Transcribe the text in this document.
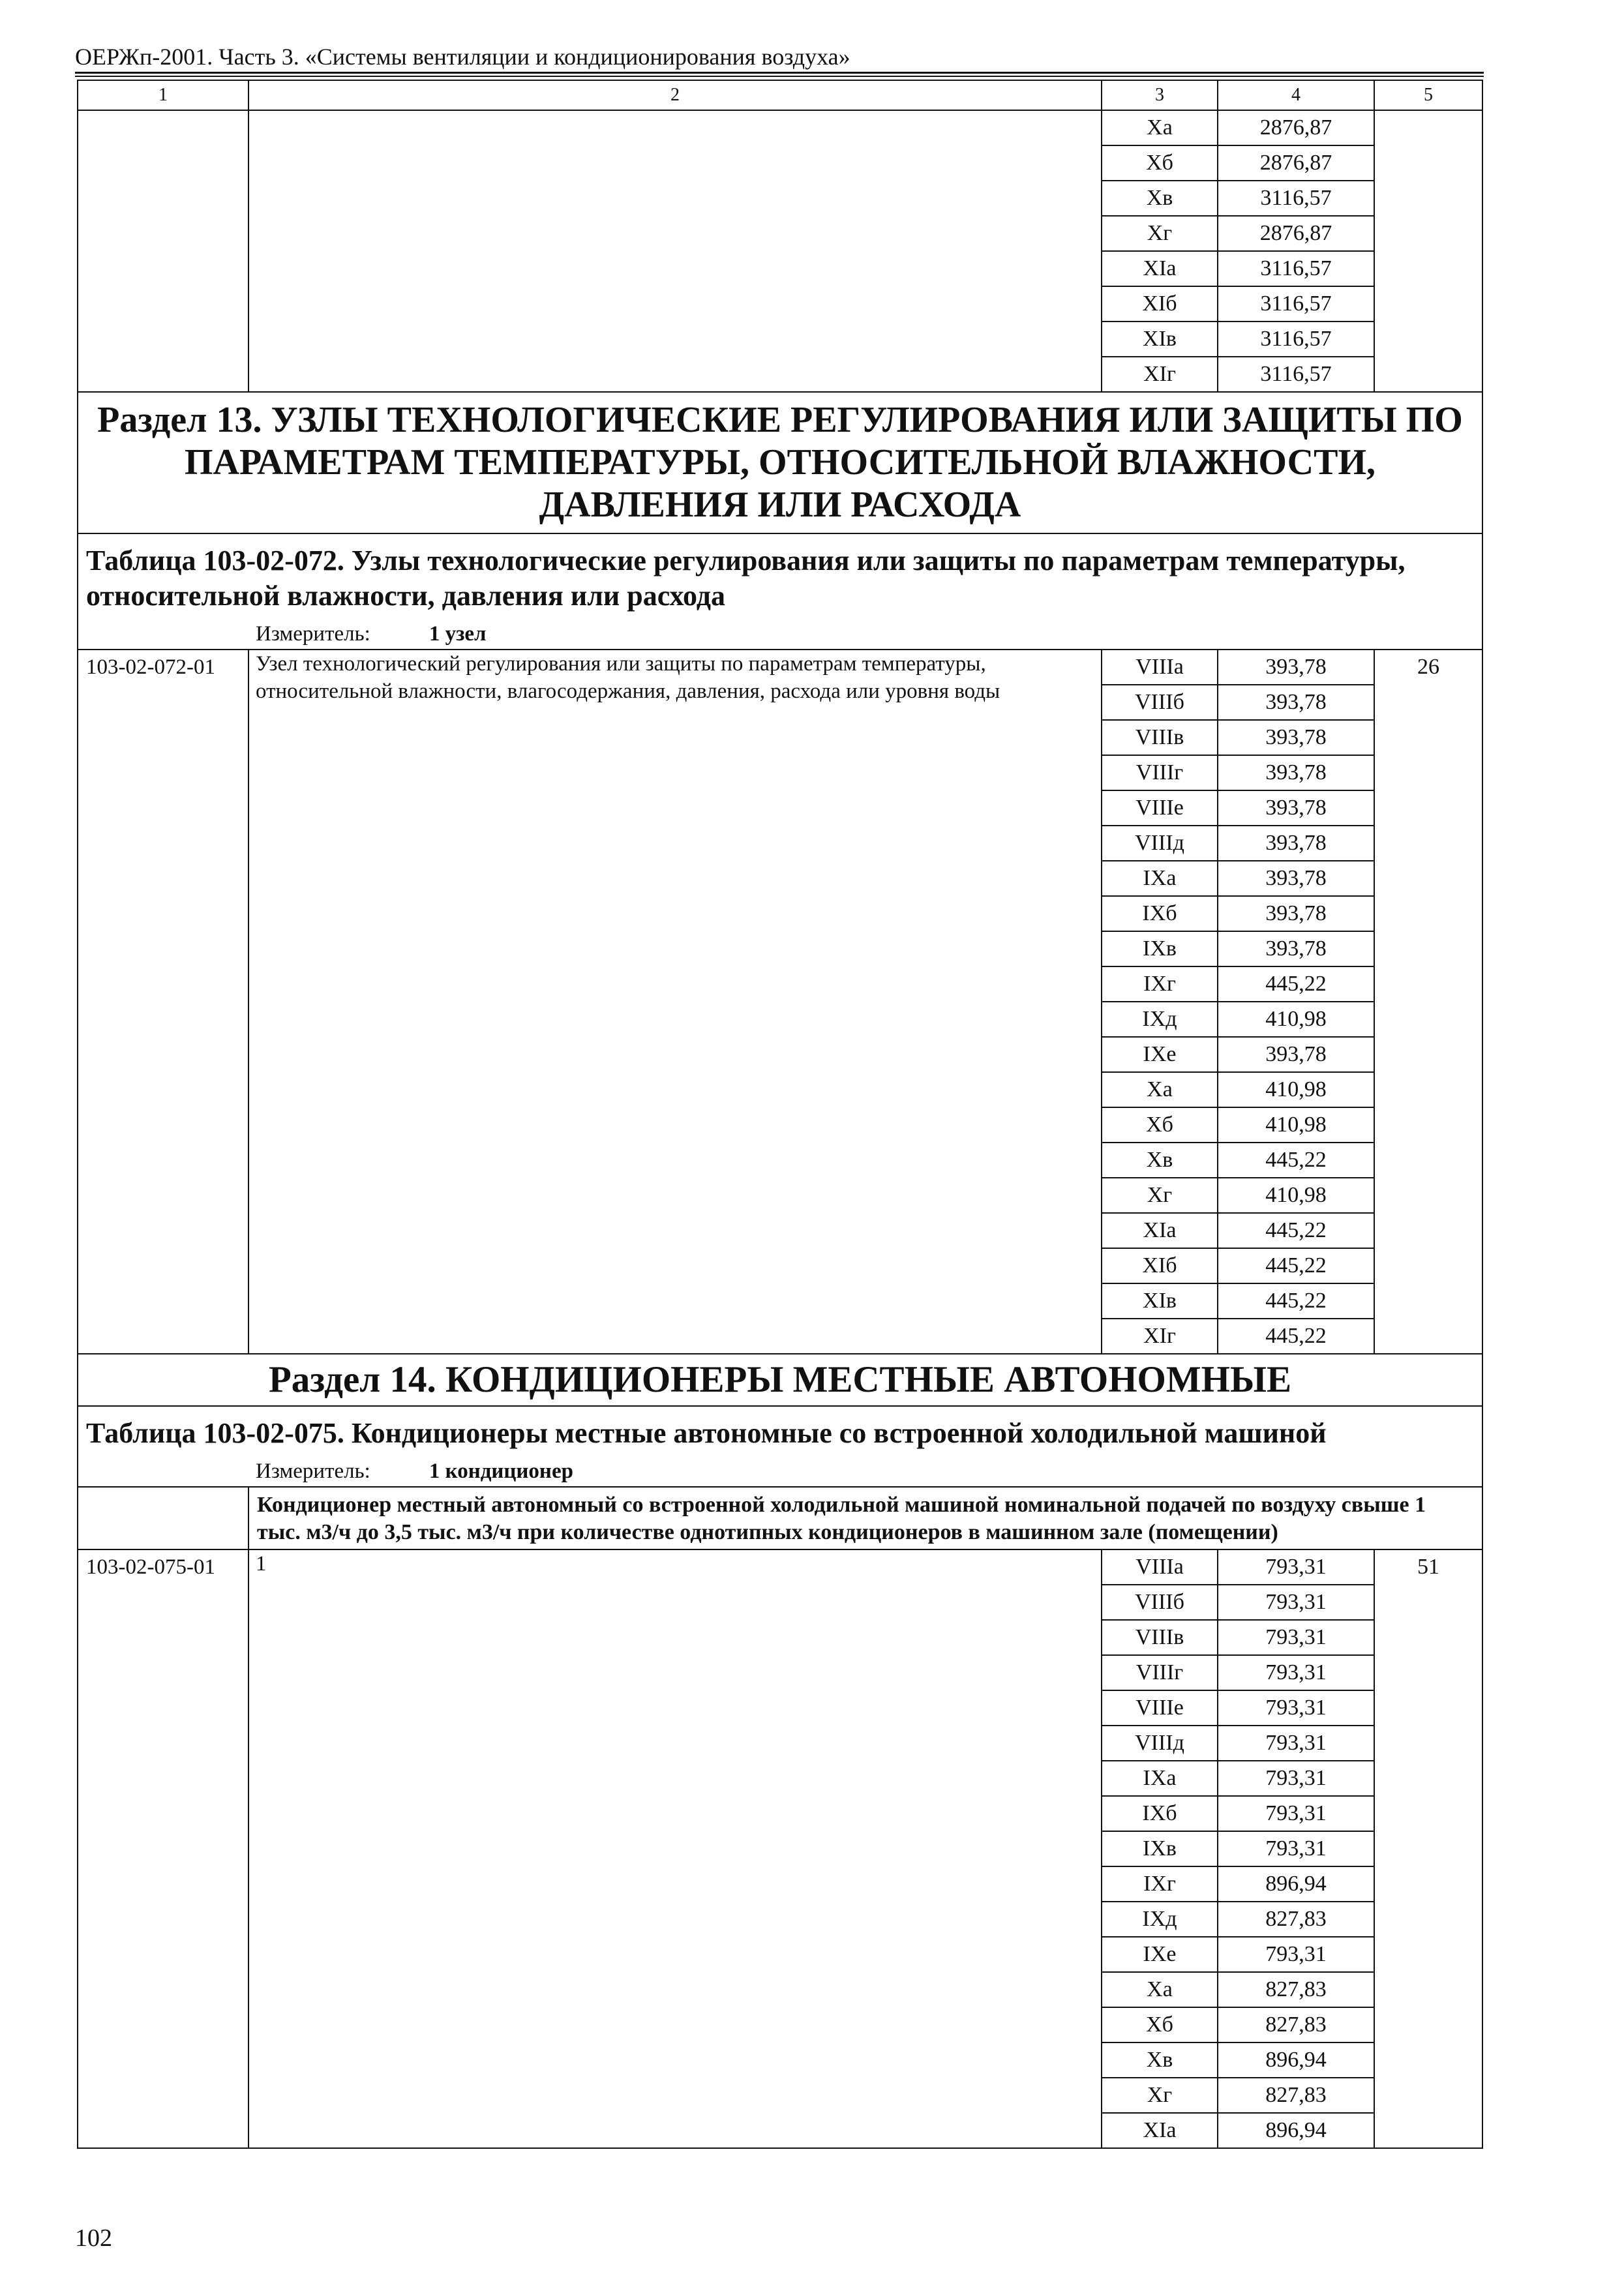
ОЕРЖп-2001. Часть 3. «Системы вентиляции и кондиционирования воздуха»
1	2	3	4	5
		Xa	2876,87	
		Xб	2876,87	
		Xв	3116,57	
		Xг	2876,87	
		XIa	3116,57	
		XIб	3116,57	
		XIв	3116,57	
		XIг	3116,57	
Раздел 13. УЗЛЫ ТЕХНОЛОГИЧЕСКИЕ РЕГУЛИРОВАНИЯ ИЛИ ЗАЩИТЫ ПО ПАРАМЕТРАМ ТЕМПЕРАТУРЫ, ОТНОСИТЕЛЬНОЙ ВЛАЖНОСТИ, ДАВЛЕНИЯ ИЛИ РАСХОДА				

Таблица 103-02-072. Узлы технологические регулирования или защиты по параметрам температуры, относительной влажности, давления или расхода
Измеритель: 1 узел				

103-02-072-01	Узел технологический регулирования или защиты по параметрам температуры, относительной влажности, влагосодержания, давления, расхода или уровня воды	VIIIa	393,78	26
		VIIIб	393,78	
		VIIIв	393,78	
		VIIIг	393,78	
		VIIIе	393,78	
		VIIIд	393,78	
		IXa	393,78	
		IXб	393,78	
		IXв	393,78	
		IXг	445,22	
		IXд	410,98	
		IXе	393,78	
		Xa	410,98	
		Xб	410,98	
		Xв	445,22	
		Xг	410,98	
		XIa	445,22	
		XIб	445,22	
		XIв	445,22	
		XIг	445,22	
Раздел 14. КОНДИЦИОНЕРЫ МЕСТНЫЕ АВТОНОМНЫЕ				

Таблица 103-02-075. Кондиционеры местные автономные со встроенной холодильной машиной
Измеритель: 1 кондиционер				

	Кондиционер местный автономный со встроенной холодильной машиной номинальной подачей по воздуху свыше 1 тыс. м3/ч до 3,5 тыс. м3/ч при количестве однотипных кондиционеров в машинном зале (помещении)			
103-02-075-01	1	VIIIa	793,31	51
		VIIIб	793,31	
		VIIIв	793,31	
		VIIIг	793,31	
		VIIIе	793,31	
		VIIIд	793,31	
		IXa	793,31	
		IXб	793,31	
		IXв	793,31	
		IXг	896,94	
		IXд	827,83	
		IXе	793,31	
		Xa	827,83	
		Xб	827,83	
		Xв	896,94	
		Xг	827,83	
		XIa	896,94	
102
